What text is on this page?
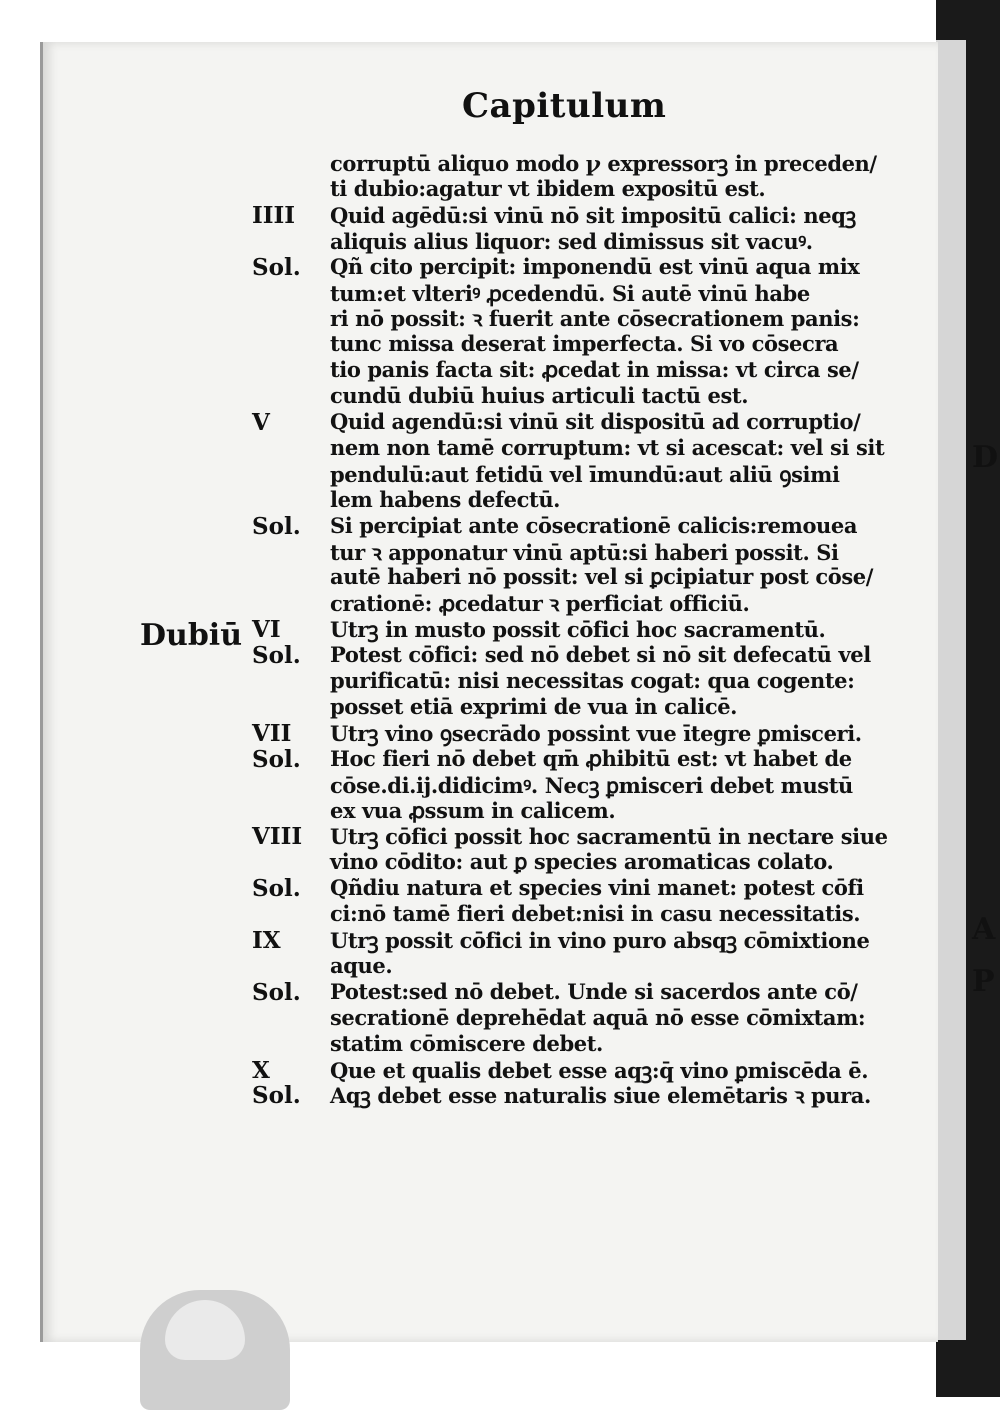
D
A
P
Capitulum
Dubiū
corruptū aliquo modo ꝩ expressorꝫ in preceden/
ti dubio:agatur vt ibidem expositū est.
IIII	Quid agēdū:si vinū nō sit impositū calici: neqꝫ
aliquis alius liquor: sed dimissus sit vacuꝰ.
Sol.	Qñ cito percipit: imponendū est vinū aqua mix
tum:et vlteriꝰ ꝓcedendū. Si autē vinū habe
ri nō possit: ꝛ fuerit ante cōsecrationem panis:
tunc missa deserat imperfecta. Si vo cōsecra
tio panis facta sit: ꝓcedat in missa: vt circa se/
cundū dubiū huius articuli tactū est.
V	Quid agendū:si vinū sit dispositū ad corruptio/
nem non tamē corruptum: vt si acescat: vel si sit
pendulū:aut fetidū vel īmundū:aut aliū ꝯsimi
lem habens defectū.
Sol.	Si percipiat ante cōsecrationē calicis:remouea
tur ꝛ apponatur vinū aptū:si haberi possit. Si
autē haberi nō possit: vel si ꝑcipiatur post cōse/
crationē: ꝓcedatur ꝛ perficiat officiū.
VI	Utrꝫ in musto possit cōfici hoc sacramentū.
Sol.	Potest cōfici: sed nō debet si nō sit defecatū vel
purificatū: nisi necessitas cogat: qua cogente:
posset etiā exprimi de vua in calicē.
VII	Utrꝫ vino ꝯsecrādo possint vue ītegre ꝑmisceri.
Sol.	Hoc fieri nō debet qm̄ ꝓhibitū est: vt habet de
cōse.di.ij.didicimꝰ. Necꝫ ꝑmisceri debet mustū
ex vua ꝓssum in calicem.
VIII	Utrꝫ cōfici possit hoc sacramentū in nectare siue
vino cōdito: aut ꝑ species aromaticas colato.
Sol.	Qñdiu natura et species vini manet: potest cōfi
ci:nō tamē fieri debet:nisi in casu necessitatis.
IX	Utrꝫ possit cōfici in vino puro absqꝫ cōmixtione
aque.
Sol.	Potest:sed nō debet. Unde si sacerdos ante cō/
secrationē deprehēdat aquā nō esse cōmixtam:
statim cōmiscere debet.
X	Que et qualis debet esse aqꝫ:q̄ vino ꝑmiscēda ē.
Sol.	Aqꝫ debet esse naturalis siue elemētaris ꝛ pura.
